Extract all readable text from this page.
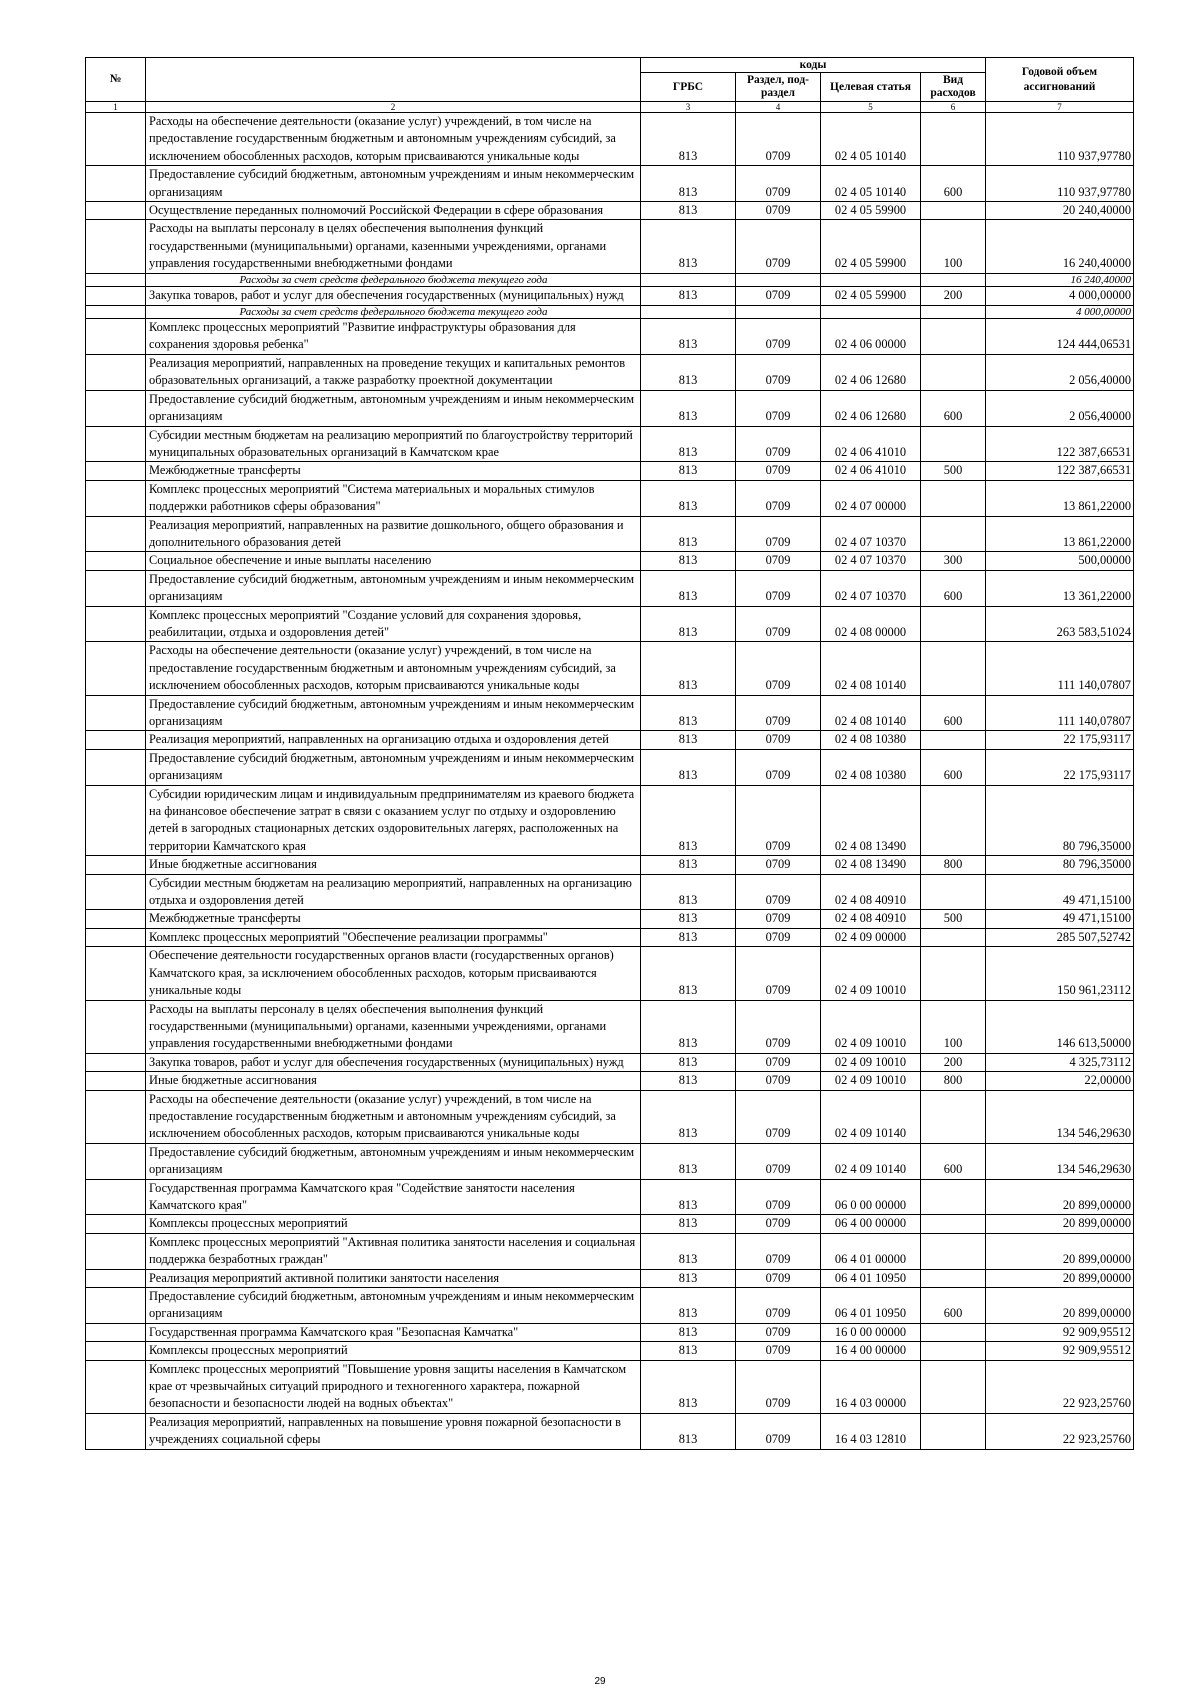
№		коды				Годовой объем ассигнований
		ГРБС	Раздел, под-раздел	Целевая статья	Вид расходов	
1	2	3	4	5	6	7
	Расходы на обеспечение деятельности (оказание услуг) учреждений, в том числе на предоставление государственным бюджетным и автономным учреждениям субсидий, за исключением обособленных расходов, которым присваиваются уникальные коды	813	0709	02 4 05 10140		110 937,97780
	Предоставление субсидий бюджетным, автономным учреждениям и иным некоммерческим организациям	813	0709	02 4 05 10140	600	110 937,97780
	Осуществление переданных полномочий Российской Федерации в сфере образования	813	0709	02 4 05 59900		20 240,40000
	Расходы на выплаты персоналу в целях обеспечения выполнения функций государственными (муниципальными) органами, казенными учреждениями, органами управления государственными внебюджетными фондами	813	0709	02 4 05 59900	100	16 240,40000
	Расходы за счет средств федерального бюджета текущего года					16 240,40000
	Закупка товаров, работ и услуг для обеспечения государственных (муниципальных) нужд	813	0709	02 4 05 59900	200	4 000,00000
	Расходы за счет средств федерального бюджета текущего года					4 000,00000
	Комплекс процессных мероприятий "Развитие инфраструктуры образования для сохранения здоровья ребенка"	813	0709	02 4 06 00000		124 444,06531
	Реализация мероприятий, направленных на проведение текущих и капитальных ремонтов образовательных организаций, а также разработку проектной документации	813	0709	02 4 06 12680		2 056,40000
	Предоставление субсидий бюджетным, автономным учреждениям и иным некоммерческим организациям	813	0709	02 4 06 12680	600	2 056,40000
	Субсидии местным бюджетам на реализацию мероприятий по благоустройству территорий муниципальных образовательных организаций в Камчатском крае	813	0709	02 4 06 41010		122 387,66531
	Межбюджетные трансферты	813	0709	02 4 06 41010	500	122 387,66531
	Комплекс процессных мероприятий "Система материальных и моральных стимулов поддержки работников сферы образования"	813	0709	02 4 07 00000		13 861,22000
	Реализация мероприятий, направленных на развитие дошкольного, общего образования и дополнительного образования детей	813	0709	02 4 07 10370		13 861,22000
	Социальное обеспечение и иные выплаты населению	813	0709	02 4 07 10370	300	500,00000
	Предоставление субсидий бюджетным, автономным учреждениям и иным некоммерческим организациям	813	0709	02 4 07 10370	600	13 361,22000
	Комплекс процессных мероприятий "Создание условий для сохранения здоровья, реабилитации, отдыха и оздоровления детей"	813	0709	02 4 08 00000		263 583,51024
	Расходы на обеспечение деятельности (оказание услуг) учреждений, в том числе на предоставление государственным бюджетным и автономным учреждениям субсидий, за исключением обособленных расходов, которым присваиваются уникальные коды	813	0709	02 4 08 10140		111 140,07807
	Предоставление субсидий бюджетным, автономным учреждениям и иным некоммерческим организациям	813	0709	02 4 08 10140	600	111 140,07807
	Реализация мероприятий, направленных на организацию отдыха и оздоровления детей	813	0709	02 4 08 10380		22 175,93117
	Предоставление субсидий бюджетным, автономным учреждениям и иным некоммерческим организациям	813	0709	02 4 08 10380	600	22 175,93117
	Субсидии юридическим лицам и индивидуальным предпринимателям из краевого бюджета на финансовое обеспечение затрат в связи с оказанием услуг по отдыху и оздоровлению детей в загородных стационарных детских оздоровительных лагерях, расположенных на территории Камчатского края	813	0709	02 4 08 13490		80 796,35000
	Иные бюджетные ассигнования	813	0709	02 4 08 13490	800	80 796,35000
	Субсидии местным бюджетам на реализацию мероприятий, направленных на организацию отдыха и оздоровления детей	813	0709	02 4 08 40910		49 471,15100
	Межбюджетные трансферты	813	0709	02 4 08 40910	500	49 471,15100
	Комплекс процессных мероприятий "Обеспечение реализации программы"	813	0709	02 4 09 00000		285 507,52742
	Обеспечение деятельности государственных органов власти (государственных органов) Камчатского края, за исключением обособленных расходов, которым присваиваются уникальные коды	813	0709	02 4 09 10010		150 961,23112
	Расходы на выплаты персоналу в целях обеспечения выполнения функций государственными (муниципальными) органами, казенными учреждениями, органами управления государственными внебюджетными фондами	813	0709	02 4 09 10010	100	146 613,50000
	Закупка товаров, работ и услуг для обеспечения государственных (муниципальных) нужд	813	0709	02 4 09 10010	200	4 325,73112
	Иные бюджетные ассигнования	813	0709	02 4 09 10010	800	22,00000
	Расходы на обеспечение деятельности (оказание услуг) учреждений, в том числе на предоставление государственным бюджетным и автономным учреждениям субсидий, за исключением обособленных расходов, которым присваиваются уникальные коды	813	0709	02 4 09 10140		134 546,29630
	Предоставление субсидий бюджетным, автономным учреждениям и иным некоммерческим организациям	813	0709	02 4 09 10140	600	134 546,29630
	Государственная программа Камчатского края "Содействие занятости населения Камчатского края"	813	0709	06 0 00 00000		20 899,00000
	Комплексы процессных мероприятий	813	0709	06 4 00 00000		20 899,00000
	Комплекс процессных мероприятий "Активная политика занятости населения и социальная поддержка безработных граждан"	813	0709	06 4 01 00000		20 899,00000
	Реализация мероприятий активной политики занятости населения	813	0709	06 4 01 10950		20 899,00000
	Предоставление субсидий бюджетным, автономным учреждениям и иным некоммерческим организациям	813	0709	06 4 01 10950	600	20 899,00000
	Государственная программа Камчатского края "Безопасная Камчатка"	813	0709	16 0 00 00000		92 909,95512
	Комплексы процессных мероприятий	813	0709	16 4 00 00000		92 909,95512
	Комплекс процессных мероприятий "Повышение уровня защиты населения в Камчатском крае от чрезвычайных ситуаций природного и техногенного характера, пожарной безопасности и безопасности людей на водных объектах"	813	0709	16 4 03 00000		22 923,25760
	Реализация мероприятий, направленных на повышение уровня пожарной безопасности в учреждениях социальной сферы	813	0709	16 4 03 12810		22 923,25760
29
